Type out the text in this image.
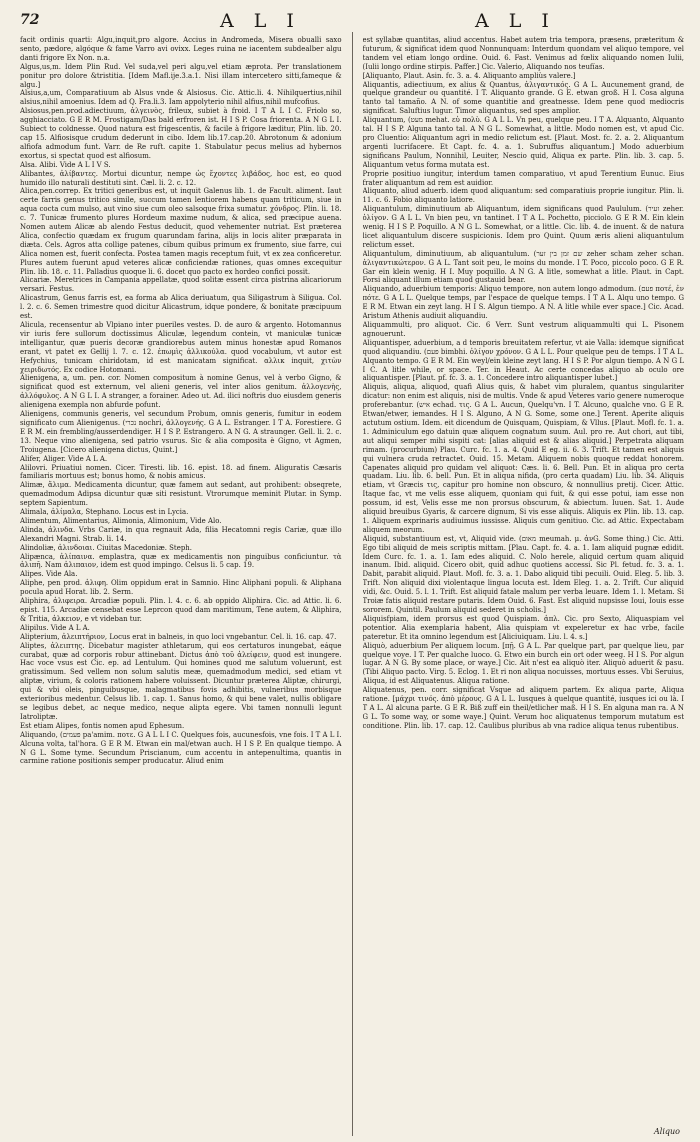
72	A L I	A L I

facit ordinis quarti: Algu,inquit,pro algore. Accius in Andromeda, Misera obualli saxo sento, pædore, algóque & fame Varro avi ovixx. Leges ruina ne iacentem subdealber algu danti frigore Ex Non. n.a.

Algus,us,m. Idem Plin Rud. Vel suda,vel peri algu,vel etiam æprota. Per translationem ponitur pro dolore &tristitia. [Idem Mafl.ije.3.a.1. Nisi illam intercetero sitti,fameque & algu.]

Alsius,a,um, Comparatiuum ab Alsus vnde & Alsiosus. Cic. Attic.li. 4. Nihilquertius,nihil alsius,nihil amoenius. Idem ad Q. Fra.li.3. Iam appolyterio nihil alfius,nihil mufcofius.

Alsiosus,pen.prod.adiectiuum, ἀλγεινὸς, frileux, subiet à froid. I T A L I C. Friolo so, agghiacciato. G E R M. Frostigam/Das bald erfroren ist. H I S P. Cosa friorenta. A N G L I. Subiect to coldnesse. Quod natura est frigescentis, & facile à frigore læditur, Plin. lib. 20. cap 15. Alfiosisque crudum dederunt in cibo. Idem lib.17.cap.20. Abrotonum & adonium alfiofa admodum funt. Varr. de Re ruft. capite 1. Stabulatur pecus melius ad hybernos exortus, si spectat quod est alfiosum.

Alsa. Alibi. Vide A L I V S.

Alibantes, ἀλίβαντες. Mortui dicuntur, nempe ὡς ἔχοντες λιβάδος, hoc est, eo quod humido illo naturali destituti sint. Cæl. li. 2. c. 12.

Alica,pen.correp. Ex tritici generibus est, ut inquit Galenus lib. 1. de Facult. aliment. Iaut certe farris genus tritico simile, succum tamen lentiorem habens quam triticum, siue in aqua cocta cum mulso, aut vino siue cum oleo salsoque frixa sumatur. χόνδρος. Plin. li. 18. c. 7. Tunicæ frumento plures Hordeum maxime nudum, & alica, sed præcipue auena. Nomen autem Alicæ ab alendo Festus deducit, quod vehementer nutriat. Est præterea Alica, confectio quædam ex frugum quarundam farina, alijs in locis aliter præparata in diæta. Cels. Agros atta collige patenes, cibum quibus primum ex frumento, siue farre, cui Alica nomen est, fuerit confecta. Postea tamen magis receptum fuit, vt ex zea conficeretur. Plures autem fuerunt apud veteres alicæ conficiendæ rationes, quas omnes excequitur Plin. lib. 18. c. 11. Palladius quoque li. 6. docet quo pacto ex hordeo confici possit.

Alicariæ. Meretrices in Campania appellatæ, quod solitæ essent circa pistrina alicariorum versari. Festus.

Alicastrum, Genus farris est, ea forma ab Alica deriuatum, qua Siligastrum à Siligua. Col. l. 2. c. 6. Semen trimestre quod dicitur Alicastrum, idque pondere, & bonitate præcipuum est.

Alicula, recensentur ab Vlpiano inter pueriles vestes. D. de auro & argento. Hotomannus vir iuris fere sullorum doctissimus Aliculæ, legendum contein, vt maniculæ tunicæ intelligantur, quæ pueris decoræ grandiorebus autem minus honestæ apud Romanos erant, vt patet ex Gellij l. 7. c. 12. ἐπωμὶς ἀλλικούλα. quod vocabulum, vt autor est Hefychius, tunicam chiridotam, id est manicatam significat. αλλικ inquit, χιτὼν χειριδωτός. Ex codice Hotomani.

Alienigena, a, um. pen. cor. Nomen compositum à nomine Genus, vel à verbo Gigno, & significat quod est externum, vel alieni generis, vel inter alios genitum. ἀλλογενὴς, ἀλλόφυλος. A N G L I. A stranger, a forainer. Adeo ut. Ad. ilici noftris duo eiusdem generis alienigena exempla non abfurde pofunt.

Alienigens, communis generis, vel secundum Probum, omnis generis, fumitur in eodem significato cum Alienigenus. (נכרי nochri, ἀλλογενής. G A L. Estranger. I T A. Forestiere. G E R M. ein frembling/ausserdendiger. H I S P. Estrangero. A N G. A straunger. Gell. li. 2. c. 13. Neque vino alienigena, sed patrio vsurus. Sic & alia composita è Gigno, vt Agmen, Troiugena. [Cicero alienigena dictus, Quint.]

Alifer, Aliger. Vide A L A.

Alilovri. Priuatiui nomen. Cicer. Tiresti. lib. 16. epist. 18. ad finem. Aliguratis Cæsaris familiaris mortuus est; bonus homo, & nobis amicus.

Alimæ, ἄλιμα. Medicamenta dicuntur, quæ famem aut sedant, aut prohibent: obseqrete, quemadmodum Adipsa dicuntur quæ siti resistunt. Vtrorumque meminit Plutar. in Symp. septem Sapientum.

Alimala, ἀλίμαλα, Stephano. Locus est in Lycia.

Alimentum, Alimentarius, Alimonia, Alimonium, Vide Alo.

Alinda, ἀλινδα. Vrbs Cariæ, in qua regnauit Ada, filia Hecatomni regis Cariæ, quæ illo Alexandri Magni. Strab. li. 14.

Alindoliæ, ἀλινδοιαι. Ciuitas Macedoniæ. Steph.

Alipænca, ἀλίπαινα. emplastra, quæ ex medicamentis non pinguibus conficiuntur. τὰ ἀλιπῆ. Nam ἀλιπαιον, idem est quod impingo. Celsus li. 5 cap. 19.

Alipes. Vide Ala.

Aliphe, pen prod. ἀλιφη. Olim oppidum erat in Samnio. Hinc Aliphani populi. & Aliphana pocula apud Horat. lib. 2. Serm.

Aliphira, ἀλιφειρα. Arcadiæ populi. Plin. l. 4. c. 6. ab oppido Aliphira. Cic. ad Attic. li. 6. epist. 115. Arcadiæ censebat esse Leprcon quod dam maritimum, Tene autem, & Aliphira, & Tritia, ἀλκειον, e vt videban tur.

Alipilus. Vide A L A.

Alipterium, ἀλειπτήριον, Locus erat in balneis, in quo loci vngebantur. Cel. li. 16. cap. 47.

Aliptes, ἀλειπτης. Dicebatur magister athletarum, qui eos certaturos inungebat, eáque curabat, quæ ad corporis robur attinebant. Dictus ἀπὸ τοῦ ἀλείφειν, quod est inungere. Hac voce vsus est Cic. ep. ad Lentulum. Qui homines quod me salutum voluerunt, est gratissimum. Sed vellem non solum salutis meæ, quemadmodum medici, sed etiam vt aliptæ, virium, & coloris rationem habere voluissent. Dicuntur præterea Aliptæ, chirurgi, qui & vbi oleis, pinguibusque, malagmatibus fovis adhibitis, vulneribus morbisque exterioribus medentur. Celsus lib. 1. cap. 1. Sanus homo, & qui bene valet, nullis obligare se legibus debet, ac neque medico, neque alipta egere. Vbi tamen nonnulli legunt Iatroliptæ.

Est etiam Alipes, fontis nomen apud Ephesum.

Aliquando, (פעמים pa'amim. ποτε. G A L L I C. Quelques fois, aucunesfois, vne fois. I T A L I. Alcuna volta, tal'hora. G E R M. Etwan ein mal/etwan auch. H I S P. En qualque tiempo. A N G L. Some tyme. Secundum Priscianum, cum accentu in antepenultima, quantis in carmine ratione positionis semper producatur. Aliud enim

est syllabæ quantitas, aliud accentus. Habet autem tria tempora, præsens, præteritum & futurum, & significat idem quod Nonnunquam: Interdum quondam vel aliquo tempore, vel tandem vel etiam longo ordine. Ouid. 6. Fast. Venimus ad fœlix aliquando nomen Iulii, (Iulii longo ordine stirpis. Paffer.] Cic. Valerio, Aliquando nos teufías.

[Aliquanto, Plaut. Asin. fc. 3. a. 4. Aliquanto ampliùs valere.]

Aliquantis, adiectiuum, ex alius & Quantus, ἀλιγαντικός. G A L. Aucunement grand, de quelque grandeur ou quantité. I T. Aliquanto grande. G E. etwan groß. H I. Cosa alguna tanto tal tamaño. A N. of some quantitie and greatnesse. Idem pene quod mediocris significat. Saluftius lugur. Timor aliquantus, sed spes amplior.

Aliquantum, (מעט mehat. εὐ πολὺ. G A L L. Vn peu, quelque peu. I T A. Alquanto, Alquanto tal. H I S P. Alguna tanto tal. A N G L. Somewhat, a little. Modo nomen est, vt apud Cic. pro Cluentio: Aliquantum agri in medio relictum est. [Plaut. Most. fc. 2. a. 2. Aliquantum argenti lucrifacere. Et Capt. fc. 4. a. 1. Subruffus aliquantum.] Modo aduerbium significans Paulum, Nonnihil, Leuiter, Nescio quid, Aliqua ex parte. Plin. lib. 3. cap. 5. Aliquantum vetus forma mutata est.

Proprie positiuo iungitur, interdum tamen comparatiuo, vt apud Terentium Eunuc. Eius frater aliquantum ad rem est auidior.

Aliquanto, aliud aduerb. idem quod aliquantum: sed comparatiuis proprie iungitur. Plin. li. 11. c. 6. Fobio aliquanto latiore.

Aliquantulum, diminutiuum ab Aliquantum, idem significans quod Paululum. (זעיר zeher. ὀλίγον. G A L L. Vn bien peu, vn tantinet. I T A L. Pochetto, picciolo. G E R M. Ein klein wenig. H I S P. Poquillo. A N G L. Somewhat, or a little. Cic. lib. 4. de inuent. & de natura licet aliquantulum discere suspicionis. Idem pro Quint. Quum æris alieni aliquantulum relictum esset.

Aliquantulum, diminutiuum, ab aliquantulum. (שם זמן בין זער zeher scham zeher schan. ἀλιγαντικώτερον. G A L. Tant soit peu, le moins du monde. I T. Poco, piccolo poco. G E R. Gar ein klein wenig. H I. Muy poquillo. A N G. A litle, somewhat a litle. Plaut. in Capt. Forsi aliquant illum etiam quod gustauid bear.

Aliquando, aduerbium temporis: Aliquo tempore, non autem longo admodum. (פעם ποτέ, ἐν πότε. G A L L. Quelque temps, par l'espace de quelque temps. I T A L. Alqu uno tempo. G E R M. Etwan ein zeyt lang. H I S. Algun tiempo. A N. A litle while ever space.] Cic. Acad. Aristum Athenis audiuit aliquandiu.

Aliquammulti, pro aliquot. Cic. 6 Verr. Sunt vestrum aliquammulti qui L. Pisonem agnouerunt.

Aliquantisper, aduerbium, a d temporis breuitatem refertur, vt aie Valla: idemque significat quod aliquandiu. (פעם bimbhi. ὀλίγον χρόνον. G A L L. Pour quelque peu de temps. I T A L. Alquanto tempo. G E R M. Ein weyl/ein kleine zeyt lang. H I S P. Por algun tiempo. A N G L I C. A litle while, or space. Ter. in Heaut. Ac certe concedas aliquo ab oculo ore aliquantisper. [Plaut. pf. fc. 3. a. 1. Concedere intro aliquantisper lubet.]

Aliquis, aliqua, aliquod, quafi Alius quis, & habet vim pluralem, quantus singulariter dicatur: non enim est aliquis, nisi de multis. Vnde & apud Veteres vario genere numeroque proferebantur. (איש echad. τις. G A L. Aucun, Quelqu'vn. I T. Alcuno, qualche vno. G E R. Etwan/etwer, iemandes. H I S. Alguno, A N G. Some, some one.] Terent. Aperite aliquis actutum ostium. Idem. eit dicendum de Quisquam, Quispiam, & Vllus. [Plaut. Mofl. fc. 1. a. 1. Adminiculum ego datuin quæ aliquem cognatum suum. Aul. pro re. Aut chori, aut tibi, aut aliqui semper mihi sispiti cat: [alias aliquid est & alias aliquid.] Perpetrata aliquam rimam. (procurbium) Plau. Curc. fc. 1. a. 4. Quid E eg. ii. 6. 3. Trift. Et tamen est aliquis qui vulnera cruda retractet. Ouid. 15. Metam. Aliquem nobis quoque reddat honorem. Capenates aliquid pro quidam vel aliquot: Cæs. li. 6. Bell. Pun. Et in aliqua pro certa quadam. Liu. lib. 6. bell. Pun. Et in aliqua nifida, (pro certa quadam) Liu. lib. 34. Aliquis etiam, vt Græcis τις, capitur pro homine non obscuro, & nonnullius pretij. Cicer. Attic. Itaque fac, vt me velis esse aliquem, quoniam qui fuit, & qui esse potui, iam esse non possum, id est, Velis esse me non prorsus obscurum, & abiectum. Iuuen. Sat. 1. Aude aliquid breuibus Gyaris, & carcere dignum, Si vis esse aliquis. Aliquis ex Plin. lib. 13. cap. 1. Aliquem exprinaris audiuimus iussisse. Aliquis cum genitiuo. Cic. ad Attic. Expectabam aliquem meorum.

Aliquid, substantiuum est, vt, Aliquid vide. (מאום meumah. μ. ἀνG. Some thing.) Cic. Atti. Ego tibi aliquid de meis scriptis mittam. [Plau. Capt. fc. 4. a. 1. Iam aliquid pugnæ edidit. Idem Curc. fc. 1. a. 1. Iam edes aliquid. C. Nolo herele, aliquid certum quam aliquid inanum. Ibid. aliquid. Cicero obit, quid adhuc quotiens accessi. Sic Pl. fetud. fc. 3. a. 1. Dabit, parabit aliquid. Plaut. Mofl. fc. 3. a. 1. Dabo aliquid tibi pecuili. Ouid. Eleg. 5. lib. 3. Trift. Non aliquid dixi violentaque lingua locuta est. Idem Eleg. 1. a. 2. Trift. Cur aliquid vidi, &c. Ouid. 5. l. 1. Trift. Est aliquid fatale malum per verba leuare. Idem 1. l. Metam. Si Troiæ fatis aliquid restare putaris. Idem Ouid. 6. Fast. Est aliquid nupsisse Ioui, Iouis esse sororem. Quintil. Paulum aliquid sederet in scholis.]

Aliquisfpiam, idem prorsus est quod Quispiam. ἀπλ. Cic. pro Sexto, Aliquaspiam vel potentior. Alia exemplaria habent, Alia quispiam vt expeleretur ex hac vrbe, facile pateretur. Et ita omnino legendum est [Aliciuiquam. Liu. l. 4. s.]

Aliquò, aduerbium Per aliquem locum. [πῇ. G A L. Par quelque part, par quelque lieu, par quelque voye. I T. Per qualche luoco. G. Etwo ein burch ein ort oder weeg. H I S. Por algun lugar. A N G. By some place, or waye.] Cic. Ait n'est ea aliquò iter. Aliquò aduerit & pasu. (Tibi Aliquo pacto. Virg. 5. Eclog. 1. Et ri non aliqua nocuisses, mortuus esses. Vbi Seruius, Aliqua, id est Aliquatenus. Aliqua ratione.

Aliquatenus, pen. corr. significat Vsque ad aliquem partem. Ex aliqua parte, Aliqua ratione. [μάχρι τινός. ἀπὸ μέρους. G A L L. Iusques à quelque quantité, iusques ici ou là. I T A L. Al alcuna parte. G E R. Biß zuff ein theil/etlicher maß. H I S. En alguna man ra. A N G L. To some way, or some waye.] Quint. Verum hoc aliquatenus temporum mutatum est conditione. Plin. lib. 17. cap. 12. Caulibus pluribus ab vna radice aliqua tenus rubentibus.

Aliquo
